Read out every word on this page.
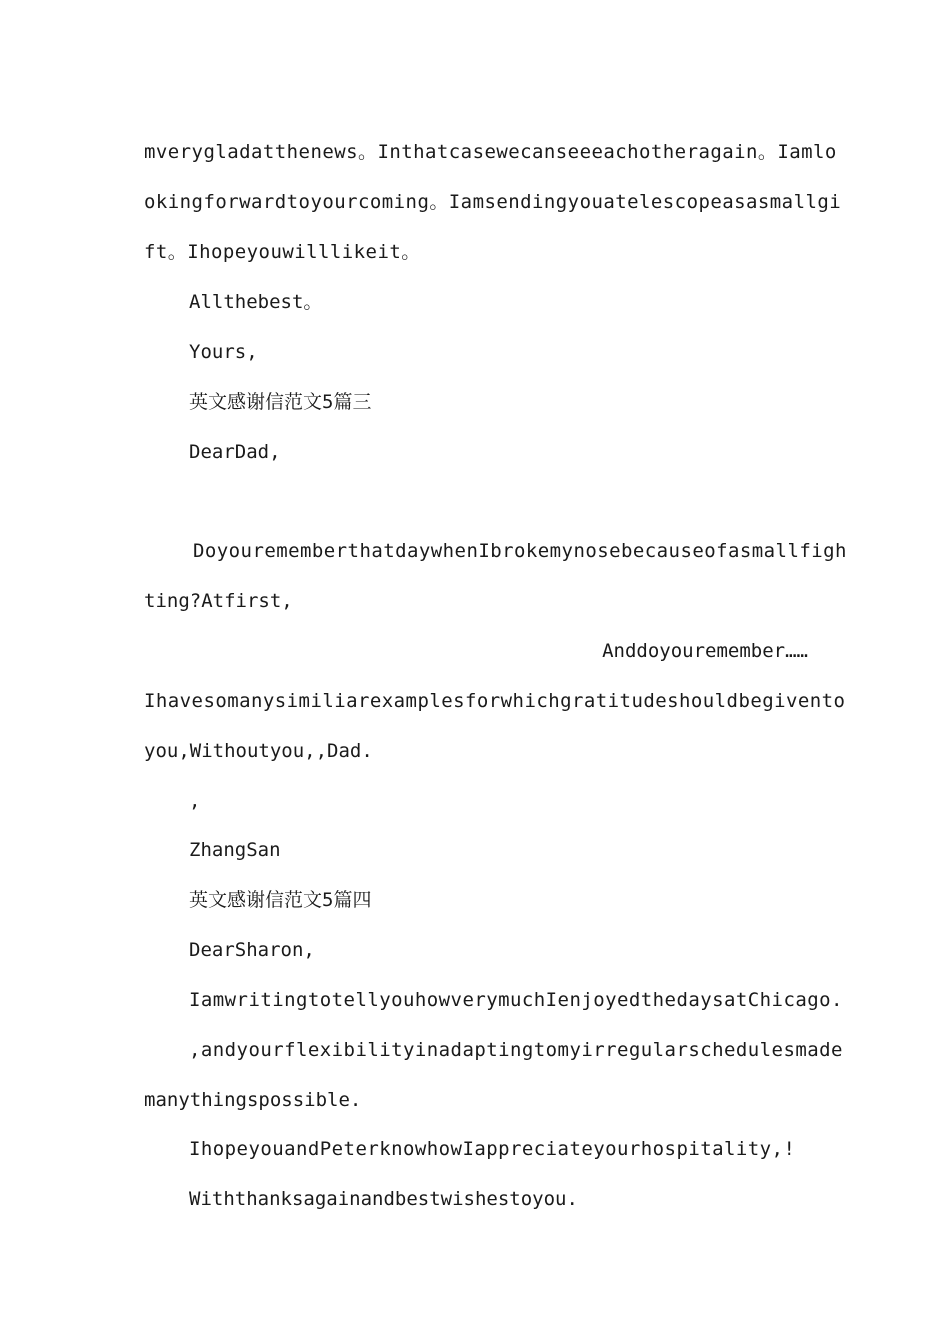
mverygladatthenews。Inthatcasewecanseeeachotheragain。Iamlo
okingforwardtoyourcoming。Iamsendingyouatelescopeasasmallgi
ft。Ihopeyouwilllikeit。
Allthebest。
Yours,
英文感谢信范文5篇三
DearDad,
Doyouremember​thatdaywhenIbrokemynosebecauseofasmallfigh
ting?Atfirst,
Anddoyouremember……
Ihavesomanysimiliarexamplesforwhichgratitudeshouldbegivento
you,Withoutyou,,Dad.
,
ZhangSan
英文感谢信范文5篇四
DearSharon,
IamwritingtotellyouhowverymuchIenjoyedthedaysatChicago.
,andyourflexibilityinadaptingtomyirregularschedulesmade
manythingspossible.
IhopeyouandPeterknowhowIappreciateyourhospitality,!
Withthanksagainandbestwishestoyou.
